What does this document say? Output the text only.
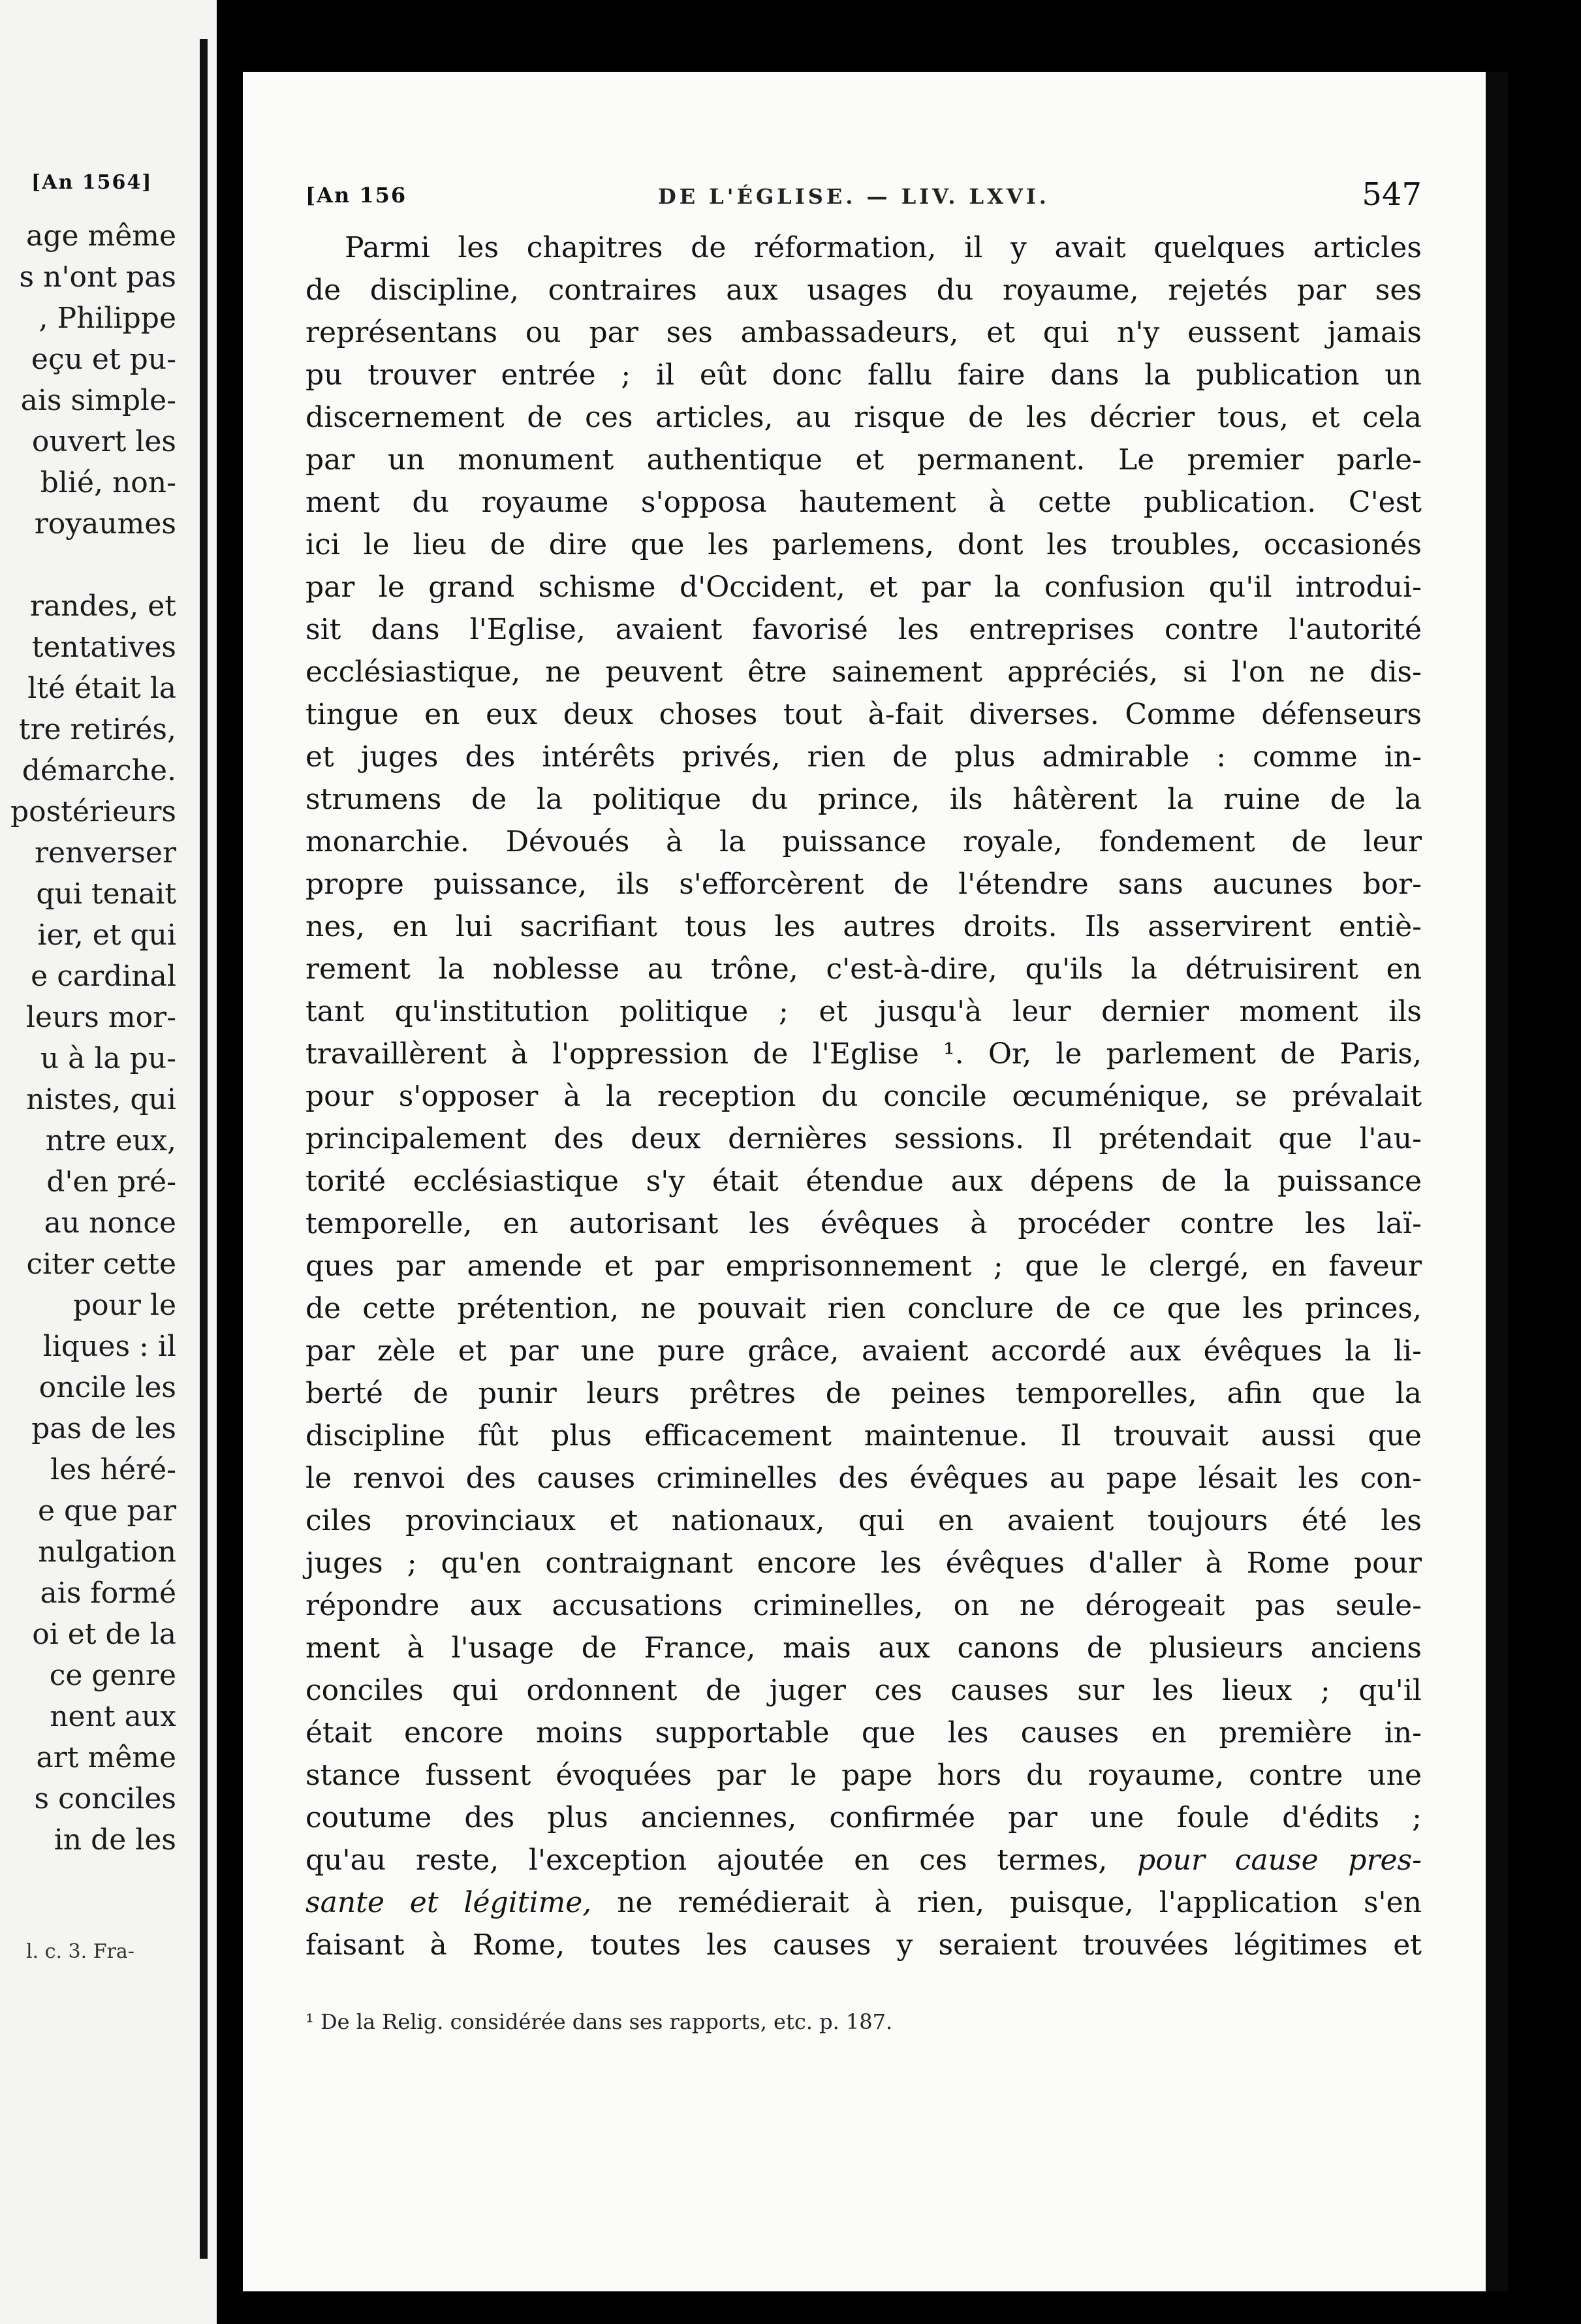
[An 1564]
age même
s n'ont pas
, Philippe
eçu et pu-
ais simple-
ouvert les
blié, non-
royaumes
randes, et
tentatives
lté était la
tre retirés,
démarche.
postérieurs
renverser
qui tenait
ier, et qui
e cardinal
leurs mor-
u à la pu-
nistes, qui
ntre eux,
d'en pré-
au nonce
citer cette
pour le
liques : il
oncile les
pas de les
les héré-
e que par
nulgation
ais formé
oi et de la
ce genre
nent aux
art même
s conciles
in de les
l. c. 3. Fra-
[An 156	DE L'ÉGLISE. — LIV. LXVI.	547
Parmi les chapitres de réformation, il y avait quelques articles
de discipline, contraires aux usages du royaume, rejetés par ses
représentans ou par ses ambassadeurs, et qui n'y eussent jamais
pu trouver entrée ; il eût donc fallu faire dans la publication un
discernement de ces articles, au risque de les décrier tous, et cela
par un monument authentique et permanent. Le premier parle-
ment du royaume s'opposa hautement à cette publication. C'est
ici le lieu de dire que les parlemens, dont les troubles, occasionés
par le grand schisme d'Occident, et par la confusion qu'il introdui-
sit dans l'Eglise, avaient favorisé les entreprises contre l'autorité
ecclésiastique, ne peuvent être sainement appréciés, si l'on ne dis-
tingue en eux deux choses tout à-fait diverses. Comme défenseurs
et juges des intérêts privés, rien de plus admirable : comme in-
strumens de la politique du prince, ils hâtèrent la ruine de la
monarchie. Dévoués à la puissance royale, fondement de leur
propre puissance, ils s'efforcèrent de l'étendre sans aucunes bor-
nes, en lui sacrifiant tous les autres droits. Ils asservirent entiè-
rement la noblesse au trône, c'est-à-dire, qu'ils la détruisirent en
tant qu'institution politique ; et jusqu'à leur dernier moment ils
travaillèrent à l'oppression de l'Eglise ¹. Or, le parlement de Paris,
pour s'opposer à la reception du concile œcuménique, se prévalait
principalement des deux dernières sessions. Il prétendait que l'au-
torité ecclésiastique s'y était étendue aux dépens de la puissance
temporelle, en autorisant les évêques à procéder contre les laï-
ques par amende et par emprisonnement ; que le clergé, en faveur
de cette prétention, ne pouvait rien conclure de ce que les princes,
par zèle et par une pure grâce, avaient accordé aux évêques la li-
berté de punir leurs prêtres de peines temporelles, afin que la
discipline fût plus efficacement maintenue. Il trouvait aussi que
le renvoi des causes criminelles des évêques au pape lésait les con-
ciles provinciaux et nationaux, qui en avaient toujours été les
juges ; qu'en contraignant encore les évêques d'aller à Rome pour
répondre aux accusations criminelles, on ne dérogeait pas seule-
ment à l'usage de France, mais aux canons de plusieurs anciens
conciles qui ordonnent de juger ces causes sur les lieux ; qu'il
était encore moins supportable que les causes en première in-
stance fussent évoquées par le pape hors du royaume, contre une
coutume des plus anciennes, confirmée par une foule d'édits ;
qu'au reste, l'exception ajoutée en ces termes, pour cause pres-
sante et légitime, ne remédierait à rien, puisque, l'application s'en
faisant à Rome, toutes les causes y seraient trouvées légitimes et
¹ De la Relig. considérée dans ses rapports, etc. p. 187.
